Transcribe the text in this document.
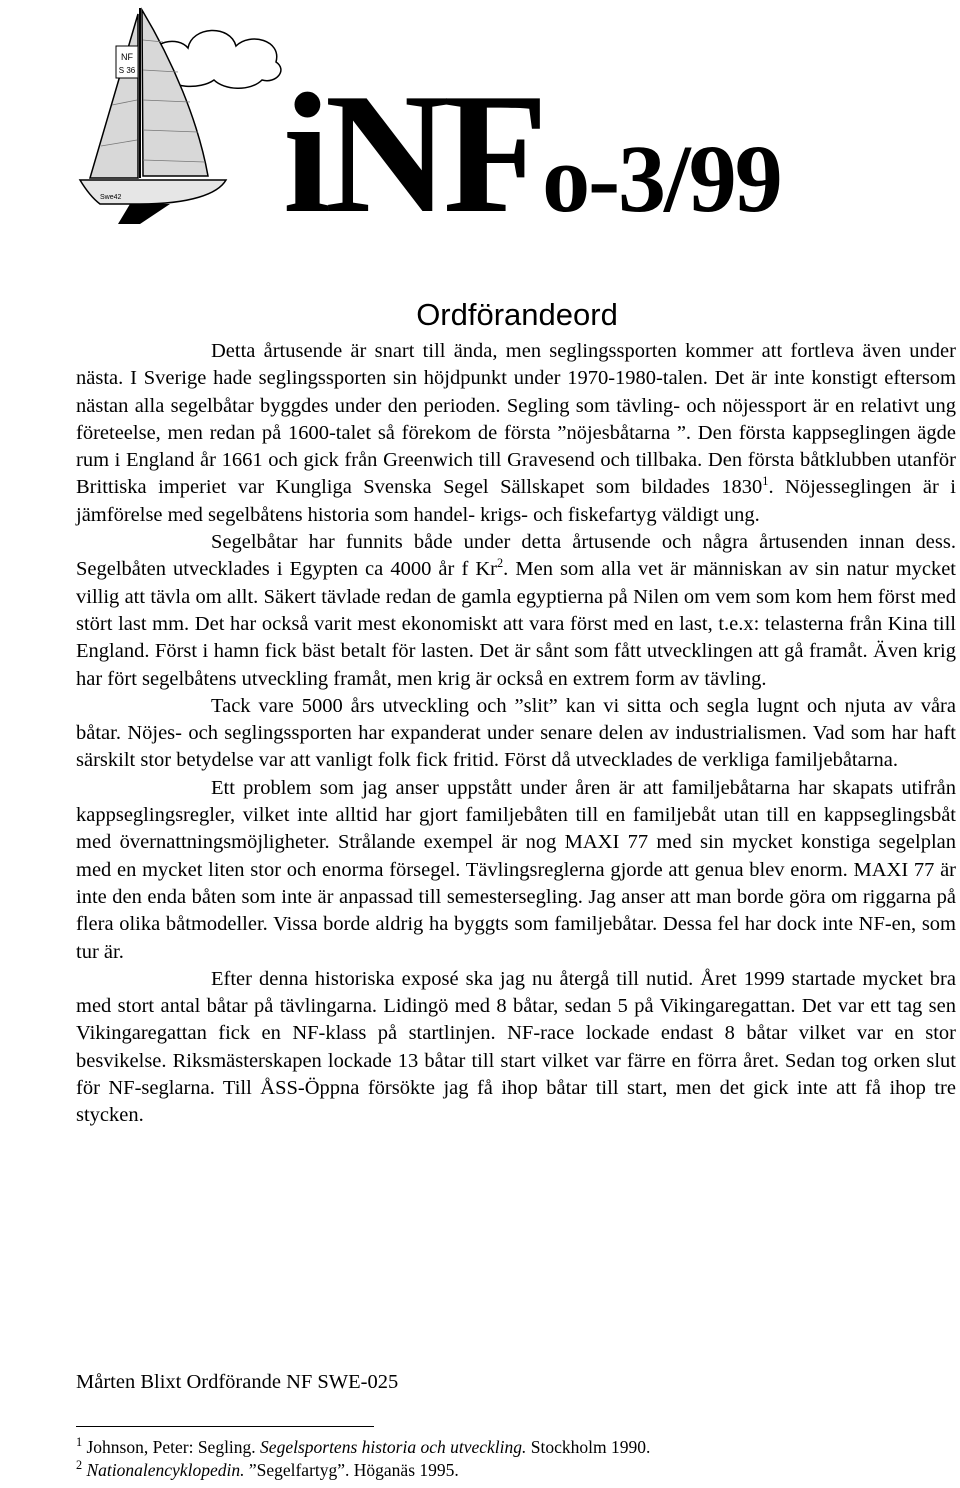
NF
S 36
Swe42 iNFo-3/99
Ordförandeord

Detta årtusende är snart till ända, men seglingssporten kommer att fortleva även under nästa. I Sverige hade seglingssporten sin höjdpunkt under 1970-1980-talen. Det är inte konstigt eftersom nästan alla segelbåtar byggdes under den perioden. Segling som tävling- och nöjessport är en relativt ung företeelse, men redan på 1600-talet så förekom de första ”nöjesbåtarna ”. Den första kappseglingen ägde rum i England år 1661 och gick från Greenwich till Gravesend och tillbaka. Den första båtklubben utanför Brittiska imperiet var Kungliga Svenska Segel Sällskapet som bildades 1830$^1$. Nöjesseglingen är i jämförelse med segelbåtens historia som handel- krigs- och fiskefartyg väldigt ung.

Segelbåtar har funnits både under detta årtusende och några årtusenden innan dess. Segelbåten utvecklades i Egypten ca 4000 år f Kr$^2$. Men som alla vet är människan av sin natur mycket villig att tävla om allt. Säkert tävlade redan de gamla egyptierna på Nilen om vem som kom hem först med stört last mm. Det har också varit mest ekonomiskt att vara först med en last, t.e.x: telasterna från Kina till England. Först i hamn fick bäst betalt för lasten. Det är sånt som fått utvecklingen att gå framåt. Även krig har fört segelbåtens utveckling framåt, men krig är också en extrem form av tävling.

Tack vare 5000 års utveckling och ”slit” kan vi sitta och segla lugnt och njuta av våra båtar. Nöjes- och seglingssporten har expanderat under senare delen av industrialismen. Vad som har haft särskilt stor betydelse var att vanligt folk fick fritid. Först då utvecklades de verkliga familjebåtarna.

Ett problem som jag anser uppstått under åren är att familjebåtarna har skapats utifrån kappseglingsregler, vilket inte alltid har gjort familjebåten till en familjebåt utan till en kappseglingsbåt med övernattningsmöjligheter. Strålande exempel är nog MAXI 77 med sin mycket konstiga segelplan med en mycket liten stor och enorma försegel. Tävlingsreglerna gjorde att genua blev enorm. MAXI 77 är inte den enda båten som inte är anpassad till semestersegling. Jag anser att man borde göra om riggarna på flera olika båtmodeller. Vissa borde aldrig ha byggts som familjebåtar. Dessa fel har dock inte NF-en, som tur är.

Efter denna historiska exposé ska jag nu återgå till nutid. Året 1999 startade mycket bra med stort antal båtar på tävlingarna. Lidingö med 8 båtar, sedan 5 på Vikingaregattan. Det var ett tag sen Vikingaregattan fick en NF-klass på startlinjen. NF-race lockade endast 8 båtar vilket var en stor besvikelse. Riksmästerskapen lockade 13 båtar till start vilket var färre en förra året. Sedan tog orken slut för NF-seglarna. Till ÅSS-Öppna försökte jag få ihop båtar till start, men det gick inte att få ihop tre stycken.

Mårten Blixt Ordförande NF SWE-025

$^1$ Johnson, Peter: Segling. Segelsportens historia och utveckling. Stockholm 1990.

$^2$ Nationalencyklopedin. ”Segelfartyg”. Höganäs 1995.
